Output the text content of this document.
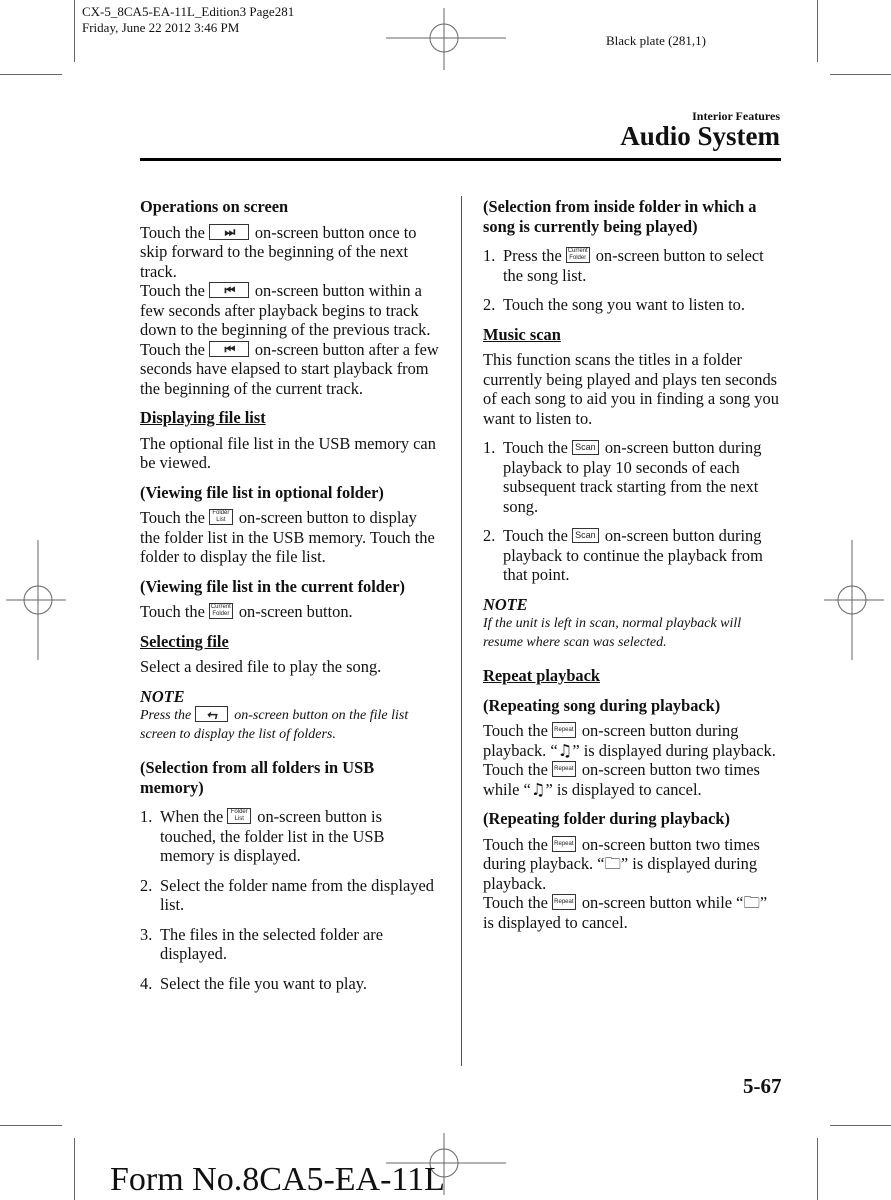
CX-5_8CA5-EA-11L_Edition3 Page281
Friday, June 22 2012 3:46 PM
Black plate (281,1)
Interior Features
Audio System

Operations on screen

Touch the ⏭ on-screen button once to skip forward to the beginning of the next track.

Touch the ⏮ on-screen button within a few seconds after playback begins to track down to the beginning of the previous track.

Touch the ⏮ on-screen button after a few seconds have elapsed to start playback from the beginning of the current track.

Displaying file list

The optional file list in the USB memory can be viewed.

(Viewing file list in optional folder)

Touch the Folder
List on-screen button to display the folder list in the USB memory. Touch the folder to display the file list.

(Viewing file list in the current folder)

Touch the Current
Folder on-screen button.

Selecting file

Select a desired file to play the song.

NOTE

Press the ⮢ on-screen button on the file list screen to display the list of folders.

(Selection from all folders in USB memory)

1. When the Folder
List on-screen button is touched, the folder list in the USB memory is displayed.
2. Select the folder name from the displayed list.
3. The files in the selected folder are displayed.
4. Select the file you want to play.

(Selection from inside folder in which a song is currently being played)

1. Press the Current
Folder on-screen button to select the song list.
2. Touch the song you want to listen to.

Music scan

This function scans the titles in a folder currently being played and plays ten seconds of each song to aid you in finding a song you want to listen to.

1. Touch the Scan on-screen button during playback to play 10 seconds of each subsequent track starting from the next song.
2. Touch the Scan on-screen button during playback to continue the playback from that point.

NOTE

If the unit is left in scan, normal playback will resume where scan was selected.

Repeat playback

(Repeating song during playback)

Touch the Repeat on-screen button during playback. “♫” is displayed during playback.

Touch the Repeat on-screen button two times while “♫” is displayed to cancel.

(Repeating folder during playback)

Touch the Repeat on-screen button two times during playback. “🗀” is displayed during playback.

Touch the Repeat on-screen button while “🗀” is displayed to cancel.

5-67
Form No.8CA5-EA-11L
